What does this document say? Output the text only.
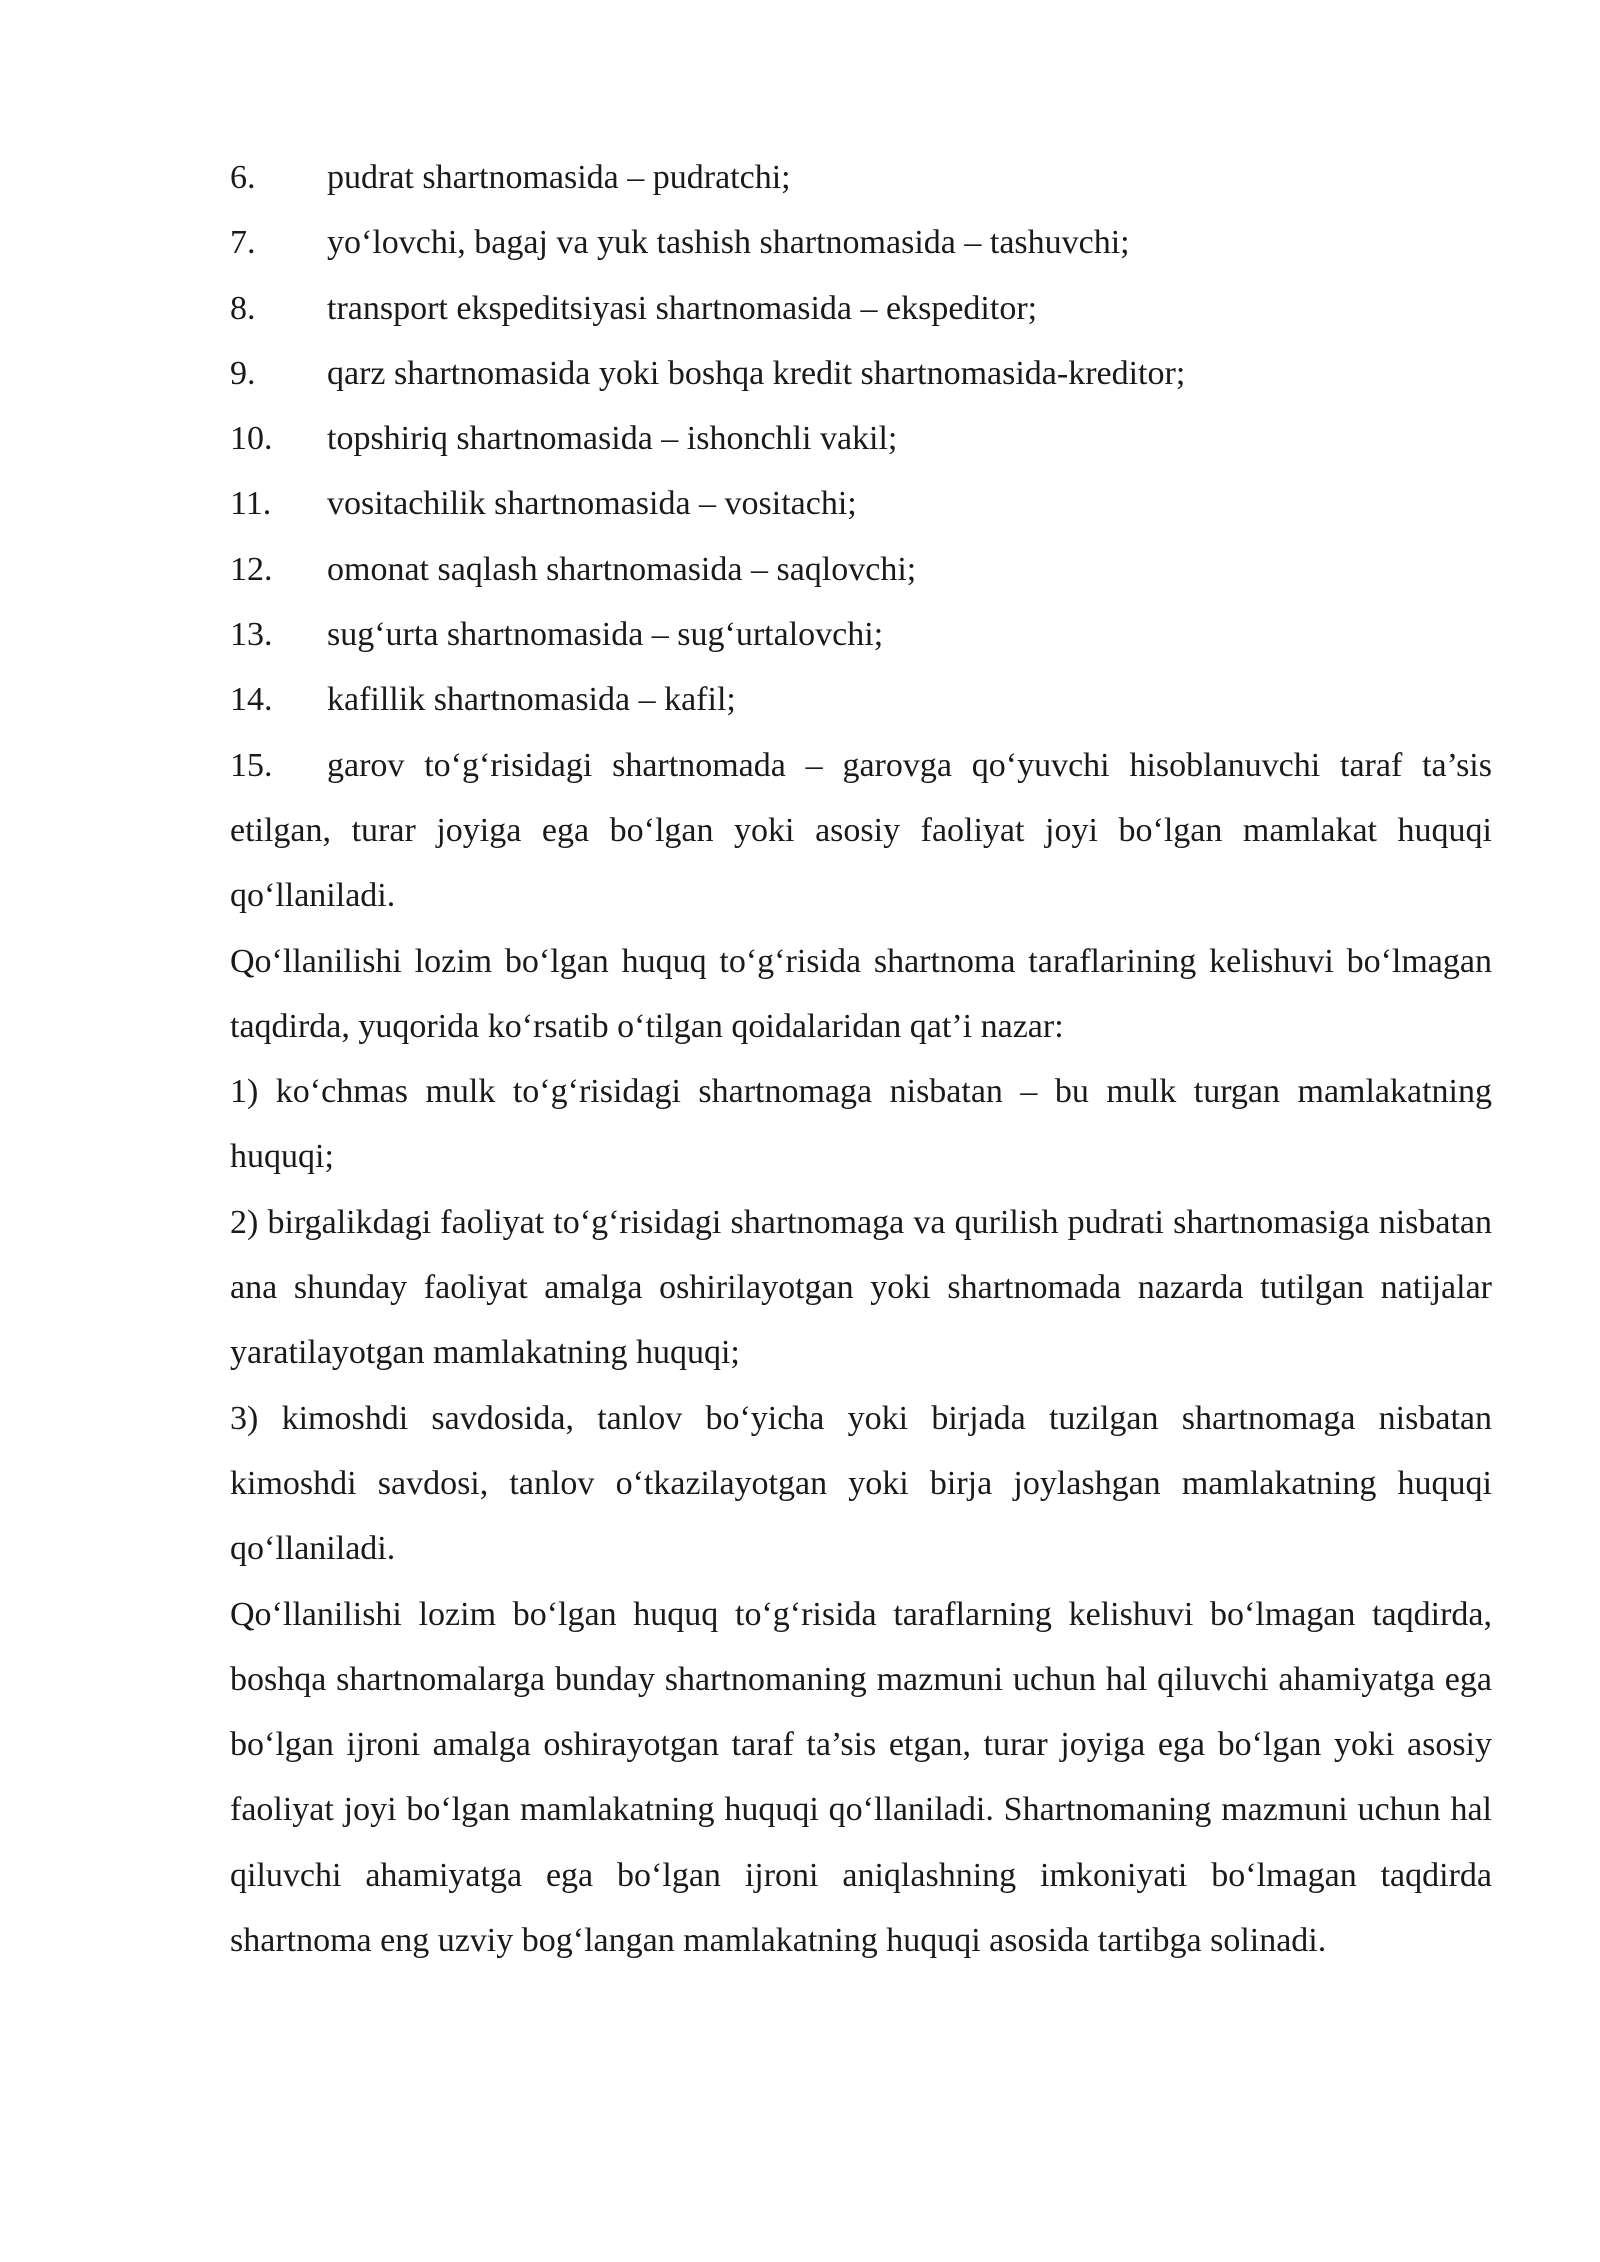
6.	pudrat shartnomasida – pudratchi;
7.	yo‘lovchi, bagaj va yuk tashish shartnomasida – tashuvchi;
8.	transport ekspeditsiyasi shartnomasida – ekspeditor;
9.	qarz shartnomasida yoki boshqa kredit shartnomasida-kreditor;
10.	topshiriq shartnomasida – ishonchli vakil;
11.	vositachilik shartnomasida – vositachi;
12.	omonat saqlash shartnomasida – saqlovchi;
13.	sug‘urta shartnomasida – sug‘urtalovchi;
14.	kafillik shartnomasida – kafil;

15. garov to‘g‘risidagi shartnomada – garovga qo‘yuvchi hisoblanuvchi taraf ta’sis etilgan, turar joyiga ega bo‘lgan yoki asosiy faoliyat joyi bo‘lgan mamlakat huquqi qo‘llaniladi.

Qo‘llanilishi lozim bo‘lgan huquq to‘g‘risida shartnoma taraflarining kelishuvi bo‘lmagan taqdirda, yuqorida ko‘rsatib o‘tilgan qoidalaridan qat’i nazar:

1) ko‘chmas mulk to‘g‘risidagi shartnomaga nisbatan – bu mulk turgan mamlakatning huquqi;

2) birgalikdagi faoliyat to‘g‘risidagi shartnomaga va qurilish pudrati shartnomasiga nisbatan ana shunday faoliyat amalga oshirilayotgan yoki shartnomada nazarda tutilgan natijalar yaratilayotgan mamlakatning huquqi;

3) kimoshdi savdosida, tanlov bo‘yicha yoki birjada tuzilgan shartnomaga nisbatan kimoshdi savdosi, tanlov o‘tkazilayotgan yoki birja joylashgan mamlakatning huquqi qo‘llaniladi.

Qo‘llanilishi lozim bo‘lgan huquq to‘g‘risida taraflarning kelishuvi bo‘lmagan taqdirda, boshqa shartnomalarga bunday shartnomaning mazmuni uchun hal qiluvchi ahamiyatga ega bo‘lgan ijroni amalga oshirayotgan taraf ta’sis etgan, turar joyiga ega bo‘lgan yoki asosiy faoliyat joyi bo‘lgan mamlakatning huquqi qo‘llaniladi. Shartnomaning mazmuni uchun hal qiluvchi ahamiyatga ega bo‘lgan ijroni aniqlashning imkoniyati bo‘lmagan taqdirda shartnoma eng uzviy bog‘langan mamlakatning huquqi asosida tartibga solinadi.
